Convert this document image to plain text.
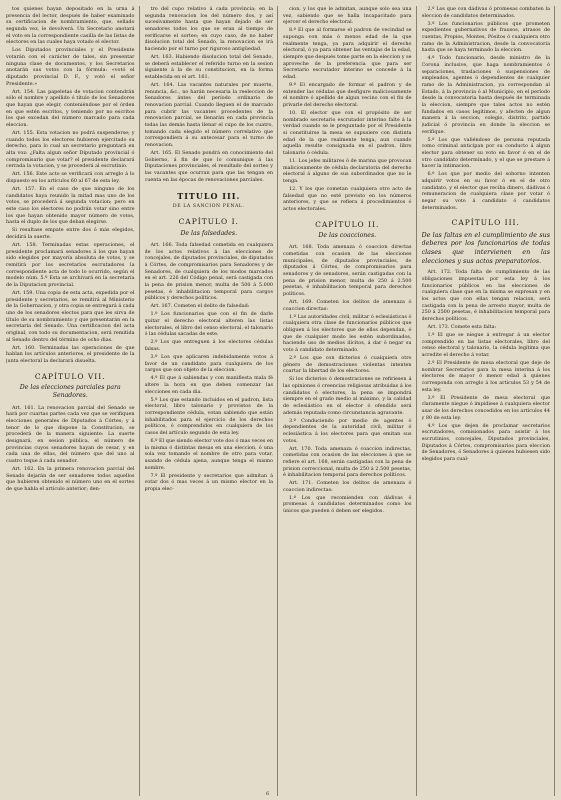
tos quienes hayan depositado en la urna á presencia del lector, después de haber examinado su certificacion de nombramiento, que, sellado segunda vez, le devolverá. Un Secretario anotará el voto en la correspondiente casilla de las listas de electores en las cuales haya votado el elector.

Los Diputados provinciales y el Presidente votarán con el carácter de tales, sin presentar ninguna clase de documentos, y los Secretarios anotarán sus votos con la fórmula: «votó el diputado provincial D. F., y votó el señor Presidente.»

Art. 154. Las papeletas de votacion contendrán sólo el nombre y apellido ó título de los Senadores que hayan que elegir, conteniéndose por el órden en que estén escritos, y teniendo por no escritos los que excedan del número marcado para cada eleccion.

Art. 155. Esta votacion no podrá suspenderse; y cuando todos los electores hubieren ejercitado su derecho, para lo cual un secretario preguntará en alta voz: ¿Falta algun señor Diputado provincial ó compromisario que votar? el presidente declarará cerrada la votacion, y se procederá al escrutinio.

Art. 156. Este acto se verificará con arreglo á lo dispuesto en los artículos 60 al 67 de esta ley.

Art. 157. En el caso de que ninguno de los candidatos haya reunido la mitad mas uno de los votos, se procederá á segunda votacion; pero en este caso los electores no podrán votar sino entre los que hayan obtenido mayor número de votos, hasta el duplo de los que deban elegirse.

Si resultase empate entre dos ó más elegidos, decidirá la suerte.

Art. 158. Terminadas estas operaciones, el presidente proclamará senadores á los que hayan sido elegidos por mayoría absoluta de votos, y se remitirá por los secretarios escrutadores la correspondiente acta de todo lo ocurrido, según el modelo núm. 5.º Esta se archivará en la secretaría de la Diputacion provincial.

Art. 159. Una copia de esta acta, expedida por el presidente y secretarios, se remitirá al Ministerio de la Gobernacion, y otra copia se entregará á cada uno de los senadores electos para que les sirva de título de su nombramiento y que presentarán en la secretaría del Senado. Una certificacion del acta original, con todo su documentacion, será remitida al Senado dentro del término de ocho dias.

Art. 160. Terminadas las operaciones de que hablan los artículos anteriores, el presidente de la junta electoral la declarará disuelta.

CAPÍTULO VII.

De las elecciones parciales para Senadores.

Art. 161. La renovacion parcial del Senado se hará por cuartas partes cada vez que se verifiquen elecciones generales de Diputados á Córtes; y á tenor de lo que dispone la Constitucion, se procederá de la manera siguiente: La suerte designará, en sesion pública, el número de provincias cuyos senadores hayan de cesar, y en cada una de ellas, del número que del uno al cuatro toque á cada senador.

Art. 162. En la primera renovacion parcial del Senado dejarán de ser senadores todos aquellos que hubieren obtenido el número uno en el sorteo de que habla el artículo anterior; den-

tro del cupo relativo á cada provincia; en la segunda renovacion los del número dos, y así sucesivamente hasta que hayan dejado de ser senadores todos los que se eran al tiempo de verificarse el sorteo; en cuyo caso, de no haber disolucion total del Senado, la renovacion se irá haciendo por el turno por riguroso antigüedad.

Art. 163. Habiendo disolucion total del Senado, se deberá establecer el referido turno en la sesion siguiente á la de su constitucion, en la forma establecida en el art. 161.

Art. 164. Las vacantes naturales por muerte, renuncia, &c., no harán necesaria la reeleccion de Senadores ántes del período ordinario de renovacion parcial. Cuando lleguen el de marcado para cubrir las vacantes procedentes de la renovacion parcial, se llenarán en cada provincia todas las demás hasta llenar el cupo de los cuatro, tomando cada elegido el número correlativo que correspondiera á su antecesar para el turno de renovacion.

Art. 165. El Senado pondrá en conocimiento del Gobierno, á fin de que lo comunique á las Diputaciones provinciales, el resultado del sorteo y las vacantes que ocurran para que las tengan en cuenta en las épocas de renovaciones parciales.

TITULO III.

DE LA SANCION PENAL.

CAPÍTULO I.

De las falsedades.

Art. 166. Toda falsedad cometida en cualquiera de los actos relativos á las elecciones de concejales, de diputados provinciales, de diputados á Córtes, de compromisarios para Senadores y de Senadores, de cualquiera de los modos marcados en el art. 226 del Código penal, será castigada con la pena de prision menor, multa de 500 á 5.000 pesetas, é inhabilitacion temporal para cargos públicos y derechos políticos.

Art. 167. Cometen el delito de falsedad:

1.º Los funcionarios que con el fin de darle quitar el derecho electoral alteren las listas electorales, el libro del censo electoral, el talonario ó las cédulas sacadas de este.

2.º Los que entreguen á los electores cédulas falsas.

3.º Los que aplicaren indebidamente votos á favor de un candidato para cualquiera de los cargos que son objeto de la eleccion.

4.º El que á sabiendas y con manifiesta mala fé altere la hora en que deben comenzar las elecciones en cada dia.

5.º Los que estando incluidos en el padron, lista electoral, libro talonario y provistos de la correspondiente cédula, votan sabiendo que están inhabilitados para el ejercicio de los derechos políticos, ó comprendidos en cualquiera de los casos del artículo segundo de esta ley.

6.º El que siendo elector vote dos ó mas veces en la misma ó distintas mesas en una eleccion, ó una sola vez tomando el nombre de otro para votar, usando de cédula ajena, aunque tenga el mismo nombre.

7.º El presidente y secretarios que admitan á votar dos ó mas veces á un mismo elector en la propia elec-

cion, y los que le admitan, aunque solo sea una vez, sabiendo que se halla incapacitado para ejercer el derecho electoral.

8.º El que al formarse el padron de vecindad se suponga con más ó menos edad de la que realmente tenga, ya para adquirir el derecho electoral, ó ya para obtener las ventajas de la edad, siempre que después tome parte en la eleccion y se aproveche de la preferencia que para ser Secretario escrutador interino se concede á la edad.

9.º El encargado de formar el padron y de extender las cédulas que desfigure maliciosamente el nombre ó apellido de algun vecino con el fin de privarle del derecho electoral.

10. El elector que con el propósito de ser nombrado secretario escrutador interino falte á la verdad cuando se le preguntado por el Presidente si constituirse la mesa se supusiere con distinta edad de la que realmente tenga, aun cuando aquella resulte consignada en el padron, libro talonario ó cédula.

11. Los jefes militares ó de marina que provocan maliciosamente de cédula declaratoria del derecho electoral á alguno de sus subordinados que no le tenga.

12. Y los que cometan cualquiera otro acto de falsedad que no esté previsto en los números anteriores, y que se refiera á procedimientos ó actos electorales.

CAPÍTULO II.

De las coacciones.

Art. 168. Toda amenaza ó coaccion directas cometidas con ocasion de las elecciones municipales, de diputados provinciales, de diputados á Córtes, de compromisarios para senadores y de senadores, serán castigadas con la pena de prision menor, multa de 250 á 2.500 pesetas, é inhabilitacion temporal para derechos políticos.

Art. 169. Cometen los delitos de amenaza ó coaccion directas:

1.º Las autoridades civil, militar ó eclesiásticas ó cualquiera otra clase de funcionarios públicos que obliguen á los electores que de ellos dependan, ó que de cualquier modo les estén subordinados, haciendo uso de medios ilícitos, á dar ó negar su voto á candidato determinado.

2.º Los que con dicterios ó cualquiera otro género de demostraciones violentas intenten coartar la libertad de los electores.

Si los dicterios ó demostraciones se refiriesen á las opiniones ó creencias religiosas atribuidas á los candidatos ó electores, la pena se impondrá siempre en el grado medio al máximo, y la calidad de eclesiástico en el elector ó ofendido será además reputada como circunstancia agravante.

3.º Conduciendo por medio de agentes ó dependientes de la autoridad civil, militar ó eclesiástica á los electores para que emitan sus votos.

Art. 170. Toda amenaza ó coaccion indirectas, cometidas con ocasion de las elecciones á que se refiere el art. 168, serán castigadas con la pena de prision correccional, multa de 250 á 2.500 pesetas, é inhabilitacion temporal para derechos políticos.

Art. 171. Cometen los delitos de amenaza ó coaccion indirectas:

1.º Los que recomienden con dádivas ó promesas á candidatos determinados como los únicos que pueden ó deben ser elegidos.

2.º Los que con dádivas ó promesas combaten la eleccion de candidatos determinados.

3.º Los funcionarios públicos que prometen expedientes gubernativos de frausos, atrasos de cuentas, Propios, Montes, Pósitos ó cualquiera otro ramo de la Administracion, desde la convocatoria hasta que se haya terminado la eleccion.

4.º Todo funcionario, desde ministro de la Corona inclusive, que haga nombramientos ó separaciones, traslaciones ó suspensiones de empleados, agentes ó dependientes de cualquier ramo de la Administracion, ya correspondan al Estado, á la provincia ó al Municipio, en el período desde la convocatoria hasta después de terminada la eleccion, siempre que tales actos no estén fundados en casos legítimos, y afecten de algun manera á la seccion, colegio, distrito, partido judicial ó provincia en donde la eleccion se verifique.

5.º Los que valiéndose de persona reputada como criminal anticipan por su conducto á algun elector para obtener su voto en favor ó en el de otro candidato determinado, y el que se prestare á hacer la intimacion.

6.º Los que por medio del soborno intenten adquirir votos en su favor ó en el de otro candidato, y el elector que reciba dinero, dádivas ó remuneracion de cualquiera clase por votar ó negar su voto á candidato ó candidatos determinados.

CAPÍTULO III.

De las faltas en el cumplimiento de sus deberes por los funcionarios de todas clases que intervienen en las elecciones y sus actos preparatorios.

Art. 172. Toda falta de cumplimiento de las obligaciones impuestas por esta ley á los funcionarios públicos en las elecciones de cualquiera clase que en la misma se expresan y en los actos que con ellas tengan relacion, será castigada con la pena de arresto mayor, multa de 250 á 2500 pesetas, é inhabilitacion temporal para derechos políticos.

Art. 173. Comete esta falta:

1.º El que se niegue á entregar á un elector comprendido en las listas electorales, libro del censo electoral y talonario, la cédula legítima que acredite el derecho á votar.

2.º El Presidente de mesa electoral que deje de nombrar Secretarios para la mesa interina á los electores de mayor ó menor edad á quienes corresponda con arreglo á los artículos 53 y 54 de esta ley.

3.º El Presidente de mesa electoral que claramente niegue ó impidiese á cualquiera elector usar de los derechos concedidos en los artículos 44 y 80 de esta ley.

4.º Los que dejen de proclamar secretarios escrutadores, comisionados para asistir á los escrutinios, concejales, Diputados provinciales, Diputados á Córtes, compromisarios para eleccion de Senadores, ó Senadores á quienes hubiesen sido elegidos para cual-

6
